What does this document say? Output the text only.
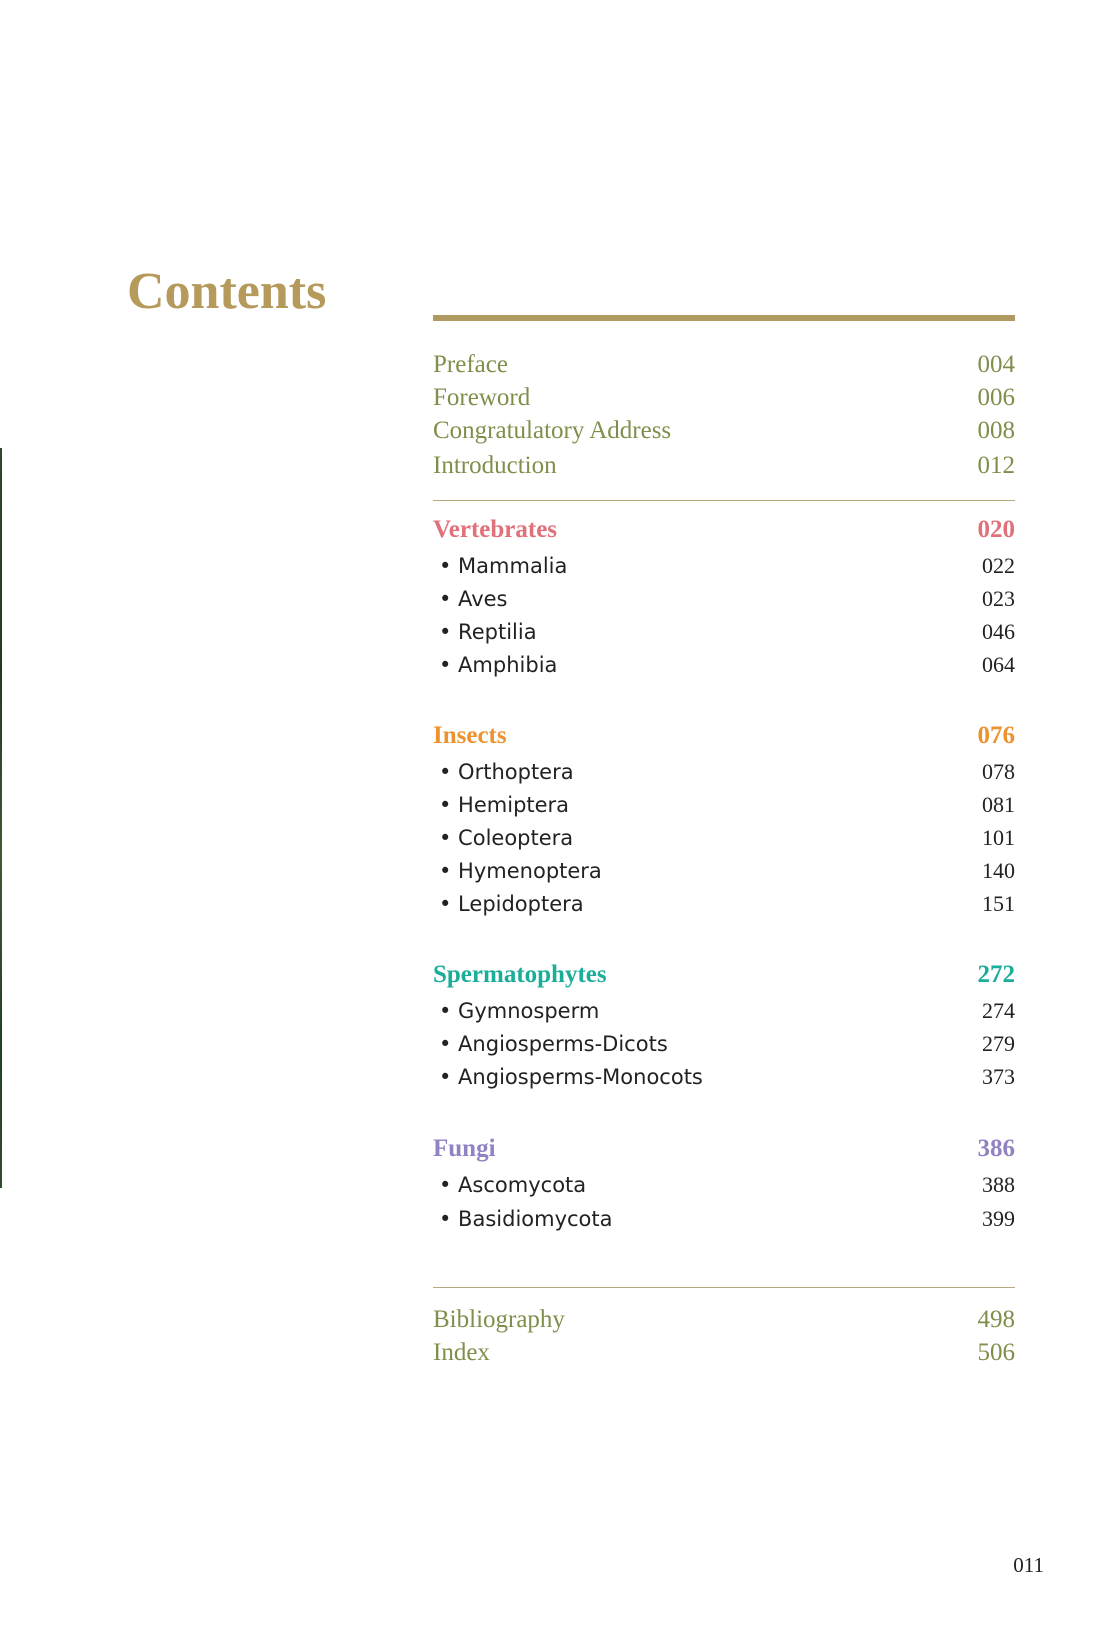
Contents
Preface	004
Foreword	006
Congratulatory Address	008
Introduction	012
Vertebrates	020
• Mammalia	022
• Aves	023
• Reptilia	046
• Amphibia	064
Insects	076
• Orthoptera	078
• Hemiptera	081
• Coleoptera	101
• Hymenoptera	140
• Lepidoptera	151
Spermatophytes	272
• Gymnosperm	274
• Angiosperms-Dicots	279
• Angiosperms-Monocots	373
Fungi	386
• Ascomycota	388
• Basidiomycota	399
Bibliography	498
Index	506
011
